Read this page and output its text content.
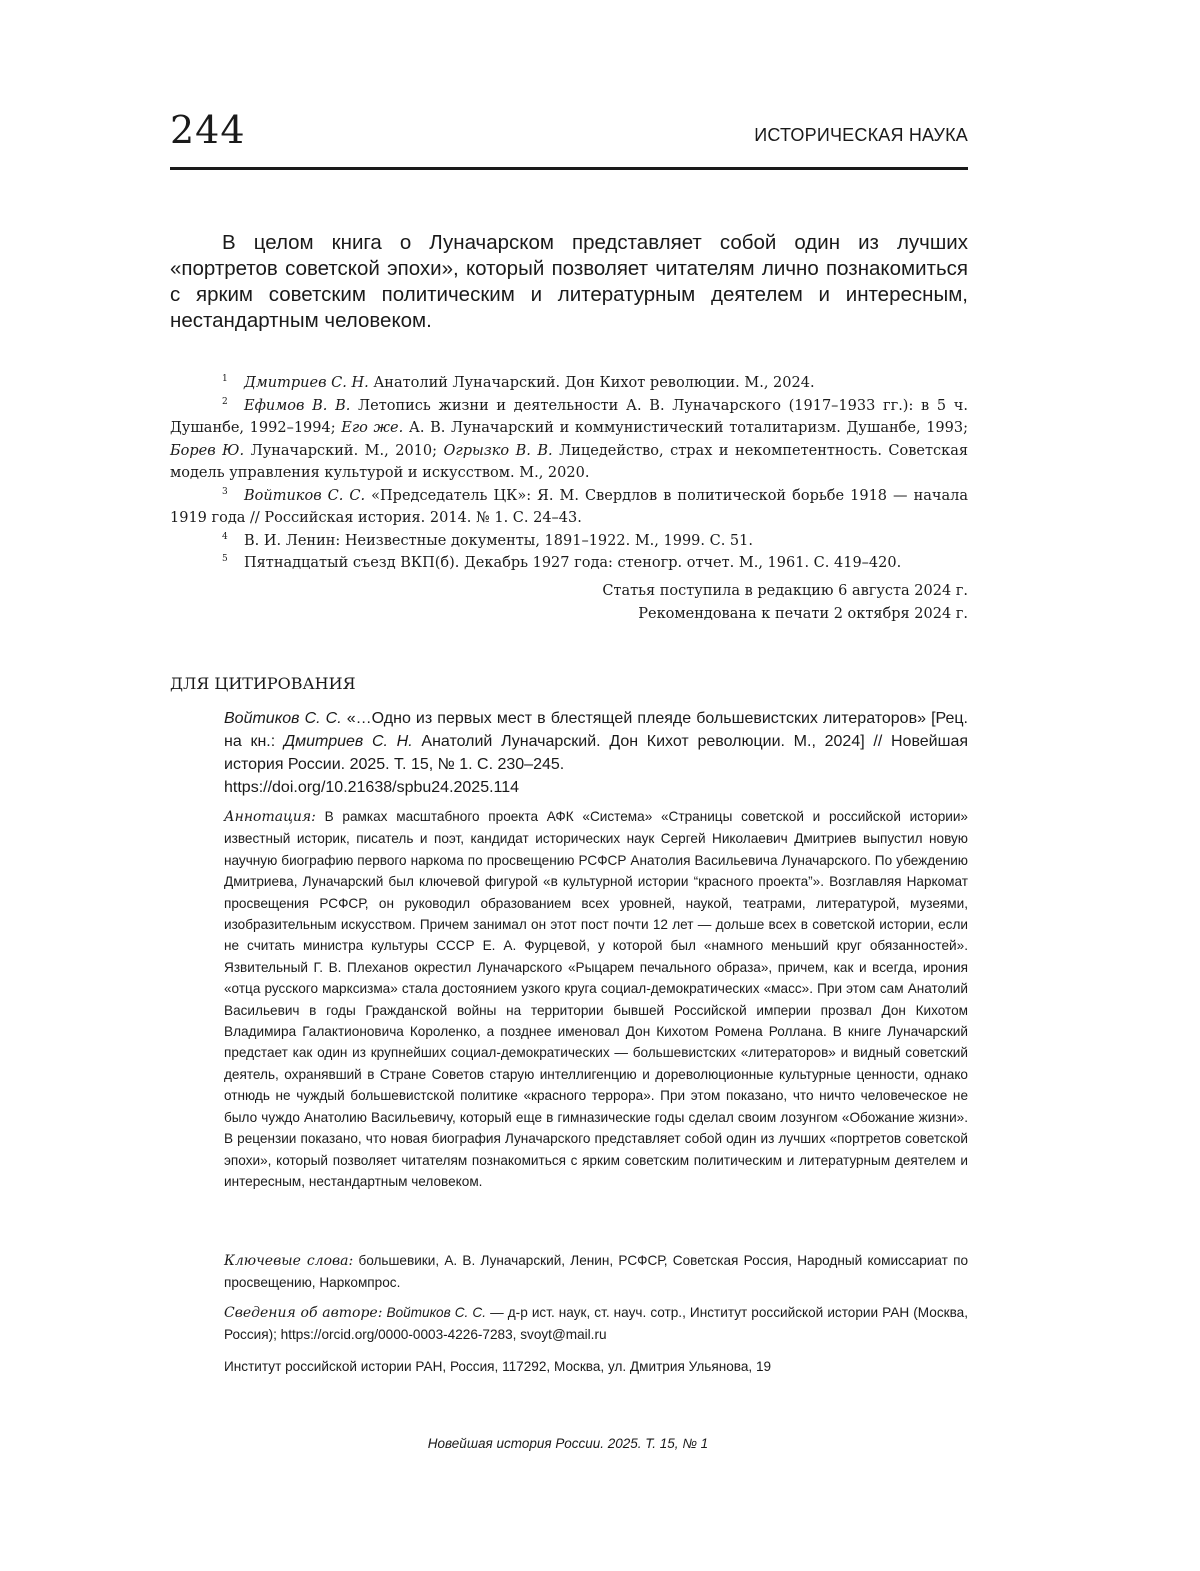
244	ИСТОРИЧЕСКАЯ НАУКА

В целом книга о Луначарском представляет собой один из лучших «портретов советской эпохи», который позволяет читателям лично познакомиться с ярким советским политическим и литературным деятелем и интересным, нестандартным человеком.

1 Дмитриев С. Н. Анатолий Луначарский. Дон Кихот революции. М., 2024.

2 Ефимов В. В. Летопись жизни и деятельности А. В. Луначарского (1917–1933 гг.): в 5 ч. Душанбе, 1992–1994; Его же. А. В. Луначарский и коммунистический тоталитаризм. Душанбе, 1993; Борев Ю. Луначарский. М., 2010; Огрызко В. В. Лицедейство, страх и некомпетентность. Советская модель управления культурой и искусством. М., 2020.

3 Войтиков С. С. «Председатель ЦК»: Я. М. Свердлов в политической борьбе 1918 — начала 1919 года // Российская история. 2014. № 1. С. 24–43.

4 В. И. Ленин: Неизвестные документы, 1891–1922. М., 1999. С. 51.

5 Пятнадцатый съезд ВКП(б). Декабрь 1927 года: стеногр. отчет. М., 1961. С. 419–420.

Статья поступила в редакцию 6 августа 2024 г.
Рекомендована к печати 2 октября 2024 г.
ДЛЯ ЦИТИРОВАНИЯ

Войтиков С. С. «…Одно из первых мест в блестящей плеяде большевистских литераторов» [Рец. на кн.: Дмитриев С. Н. Анатолий Луначарский. Дон Кихот революции. М., 2024] // Новейшая история России. 2025. Т. 15, № 1. С. 230–245.
https://doi.org/10.21638/spbu24.2025.114

Аннотация: В рамках масштабного проекта АФК «Система» «Страницы советской и российской истории» известный историк, писатель и поэт, кандидат исторических наук Сергей Николаевич Дмитриев выпустил новую научную биографию первого наркома по просвещению РСФСР Анатолия Васильевича Луначарского. По убеждению Дмитриева, Луначарский был ключевой фигурой «в культурной истории “красного проекта”». Возглавляя Наркомат просвещения РСФСР, он руководил образованием всех уровней, наукой, театрами, литературой, музеями, изобразительным искусством. Причем занимал он этот пост почти 12 лет — дольше всех в советской истории, если не считать министра культуры СССР Е. А. Фурцевой, у которой был «намного меньший круг обязанностей». Язвительный Г. В. Плеханов окрестил Луначарского «Рыцарем печального образа», причем, как и всегда, ирония «отца русского марксизма» стала достоянием узкого круга социал-демократических «масс». При этом сам Анатолий Васильевич в годы Гражданской войны на территории бывшей Российской империи прозвал Дон Кихотом Владимира Галактионовича Короленко, а позднее именовал Дон Кихотом Ромена Роллана. В книге Луначарский предстает как один из крупнейших социал-демократических — большевистских «литераторов» и видный советский деятель, охранявший в Стране Советов старую интеллигенцию и дореволюционные культурные ценности, однако отнюдь не чуждый большевистской политике «красного террора». При этом показано, что ничто человеческое не было чуждо Анатолию Васильевичу, который еще в гимназические годы сделал своим лозунгом «Обожание жизни». В рецензии показано, что новая биография Луначарского представляет собой один из лучших «портретов советской эпохи», который позволяет читателям познакомиться с ярким советским политическим и литературным деятелем и интересным, нестандартным человеком.

Ключевые слова: большевики, А. В. Луначарский, Ленин, РСФСР, Советская Россия, Народный комиссариат по просвещению, Наркомпрос.

Сведения об авторе: Войтиков С. С. — д-р ист. наук, ст. науч. сотр., Институт российской истории РАН (Москва, Россия); https://orcid.org/0000-0003-4226-7283, svoyt@mail.ru

Институт российской истории РАН, Россия, 117292, Москва, ул. Дмитрия Ульянова, 19

Новейшая история России. 2025. Т. 15, № 1
